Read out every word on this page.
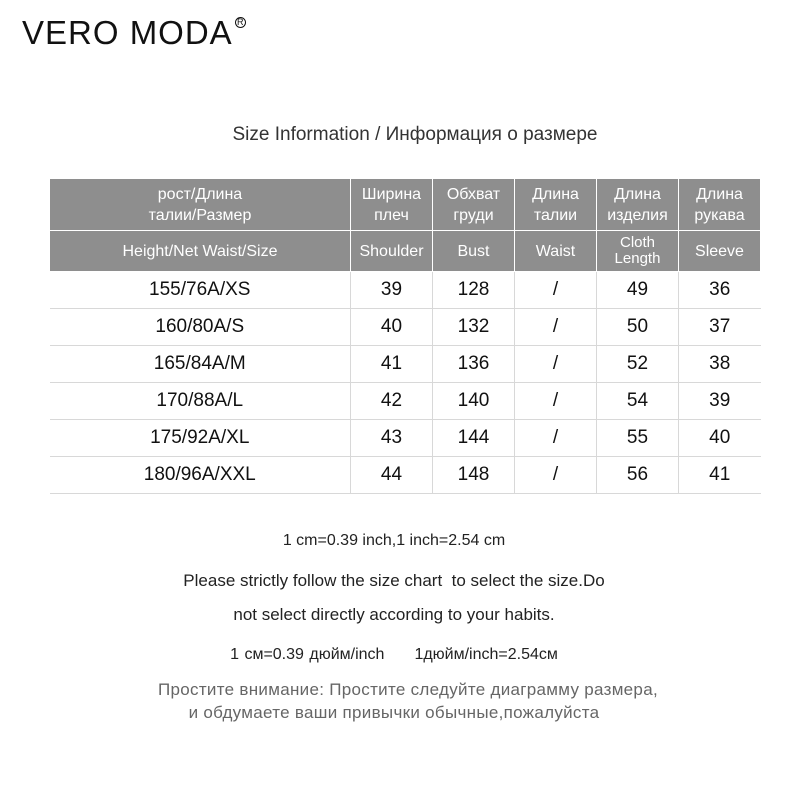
VERO MODA R
Size Information / Информация о размере
рост/Длина талии/Размер	Ширина плеч	Обхват груди	Длина талии	Длина изделия	Длина рукава
Height/Net Waist/Size	Shoulder	Bust	Waist	Cloth Length	Sleeve
155/76A/XS	39	128	/	49	36
160/80A/S	40	132	/	50	37
165/84A/M	41	136	/	52	38
170/88A/L	42	140	/	54	39
175/92A/XL	43	144	/	55	40
180/96A/XXL	44	148	/	56	41
1 cm=0.39 inch,1 inch=2.54 cm
Please strictly follow the size chart  to select the size.Do
not select directly according to your habits.
1 см=0.39 дюйм/inch 1дюйм/inch=2.54см
Простите внимание: Простите следуйте диаграмму размера,
и обдумаете ваши привычки обычные,пожалуйста
